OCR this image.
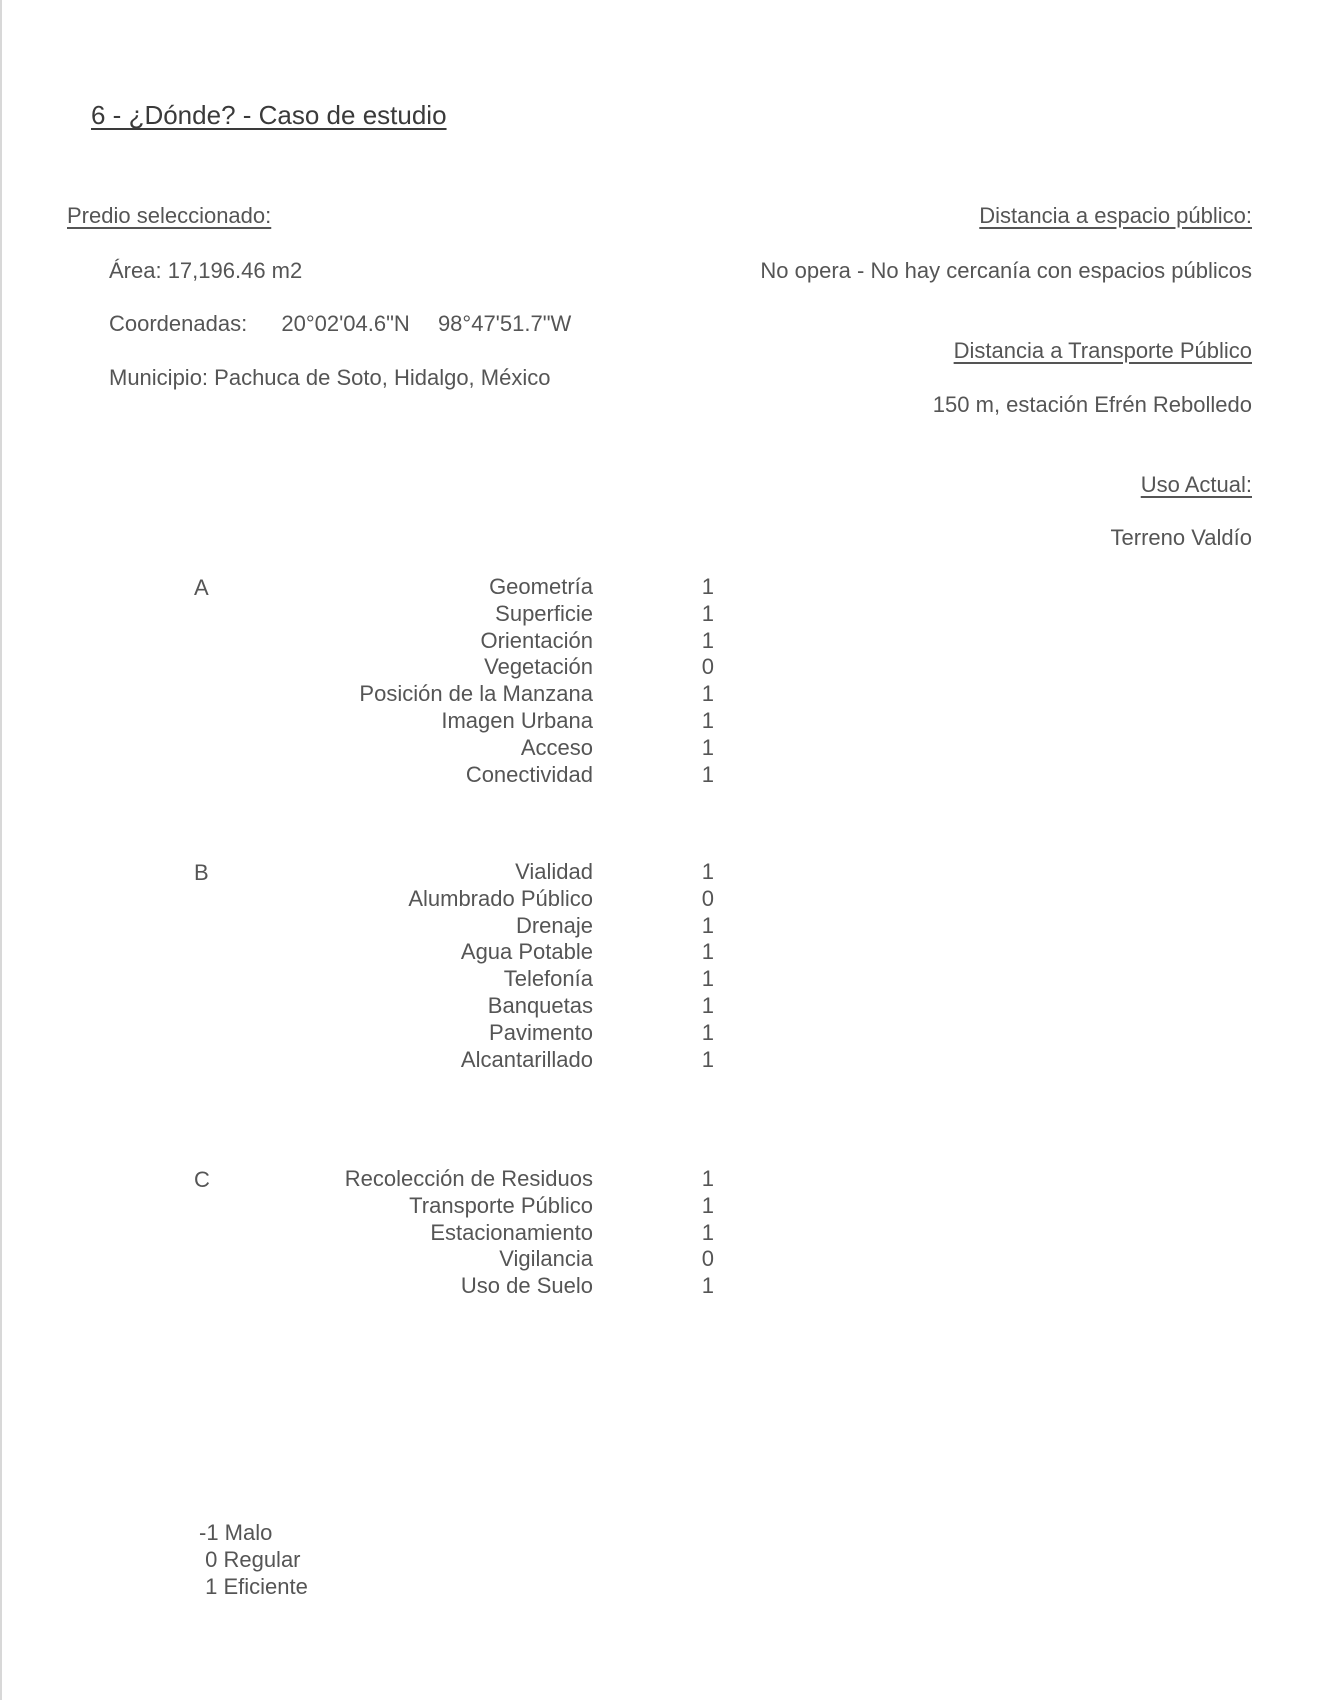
6 - ¿Dónde? - Caso de estudio
Predio seleccionado:
Área: 17,196.46 m2
Coordenadas: 20°02'04.6"N 98°47'51.7"W
Municipio: Pachuca de Soto, Hidalgo, México
Distancia a espacio público:
No opera - No hay cercanía con espacios públicos
Distancia a Transporte Público
150 m, estación Efrén Rebolledo
Uso Actual:
Terreno Valdío
A	Geometría	1
Superficie	1
Orientación	1
Vegetación	0
Posición de la Manzana	1
Imagen Urbana	1
Acceso	1
Conectividad	1
B	Vialidad	1
Alumbrado Público	0
Drenaje	1
Agua Potable	1
Telefonía	1
Banquetas	1
Pavimento	1
Alcantarillado	1
C	Recolección de Residuos	1
Transporte Público	1
Estacionamiento	1
Vigilancia	0
Uso de Suelo	1
-1 Malo
0 Regular
1 Eficiente
